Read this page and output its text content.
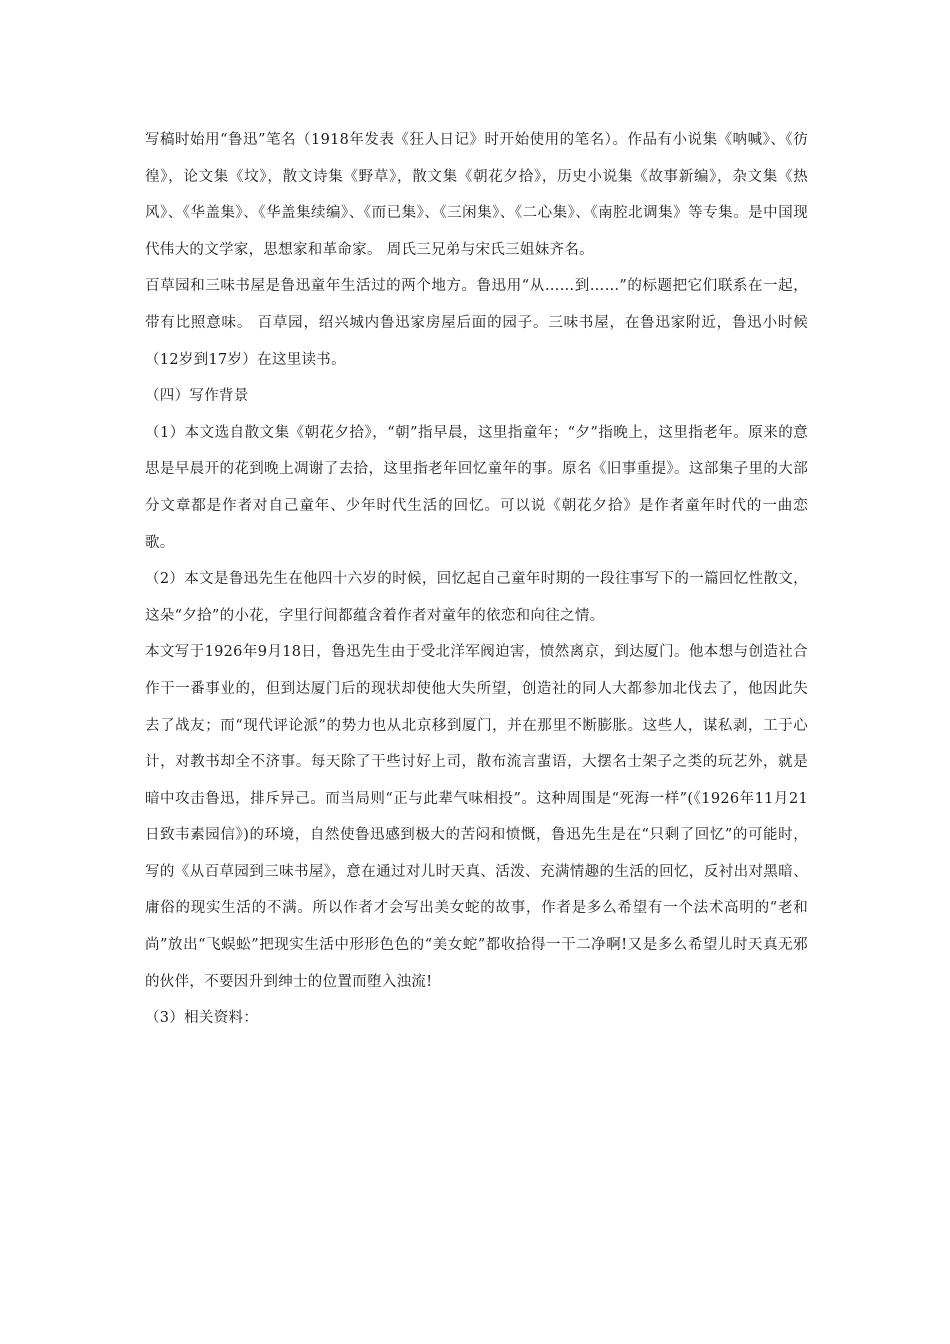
写稿时始用“鲁迅”笔名（1918年发表《狂人日记》时开始使用的笔名）。作品有小说集《呐喊》、《彷徨》，论文集《坟》，散文诗集《野草》，散文集《朝花夕拾》，历史小说集《故事新编》，杂文集《热风》、《华盖集》、《华盖集续编》、《而已集》、《三闲集》、《二心集》、《南腔北调集》等专集。是中国现代伟大的文学家，思想家和革命家。 周氏三兄弟与宋氏三姐妹齐名。

百草园和三味书屋是鲁迅童年生活过的两个地方。鲁迅用“从……到……”的标题把它们联系在一起，带有比照意味。 百草园，绍兴城内鲁迅家房屋后面的园子。三味书屋，在鲁迅家附近，鲁迅小时候（12岁到17岁）在这里读书。

（四）写作背景

（1）本文选自散文集《朝花夕拾》，“朝”指早晨，这里指童年；“夕”指晚上，这里指老年。原来的意思是早晨开的花到晚上凋谢了去拾，这里指老年回忆童年的事。原名《旧事重提》。这部集子里的大部分文章都是作者对自己童年、少年时代生活的回忆。可以说《朝花夕拾》是作者童年时代的一曲恋歌。

（2）本文是鲁迅先生在他四十六岁的时候，回忆起自己童年时期的一段往事写下的一篇回忆性散文，这朵“夕拾”的小花，字里行间都蕴含着作者对童年的依恋和向往之情。

本文写于1926年9月18日，鲁迅先生由于受北洋军阀迫害，愤然离京，到达厦门。他本想与创造社合作干一番事业的，但到达厦门后的现状却使他大失所望，创造社的同人大都参加北伐去了，他因此失去了战友；而“现代评论派”的势力也从北京移到厦门，并在那里不断膨胀。这些人，谋私剥，工于心计，对教书却全不济事。每天除了干些讨好上司，散布流言蜚语，大摆名士架子之类的玩艺外，就是暗中攻击鲁迅，排斥异己。而当局则“正与此辈气味相投”。这种周围是“死海一样”(《1926年11月21日致韦素园信》)的环境，自然使鲁迅感到极大的苦闷和愤慨，鲁迅先生是在“只剩了回忆”的可能时，写的《从百草园到三味书屋》，意在通过对儿时天真、活泼、充满情趣的生活的回忆，反衬出对黑暗、庸俗的现实生活的不满。所以作者才会写出美女蛇的故事，作者是多么希望有一个法术高明的“老和尚”放出“飞蜈蚣”把现实生活中形形色色的“美女蛇”都收拾得一干二净啊!又是多么希望儿时天真无邪的伙伴，不要因升到绅士的位置而堕入浊流!

（3）相关资料：
